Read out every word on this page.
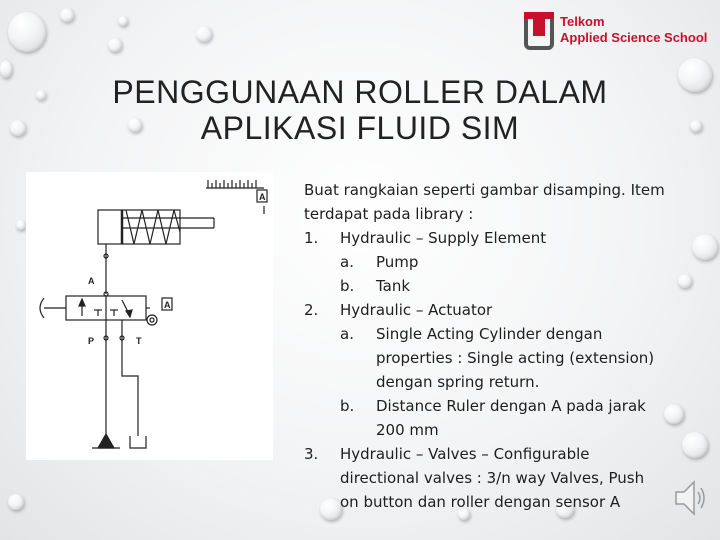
Telkom
Applied Science School
PENGGUNAAN ROLLER DALAM
APLIKASI FLUID SIM
A
A
A
P	T
Buat rangkaian seperti gambar disamping. Item
terdapat pada library :
1. Hydraulic – Supply Element
a. Pump
b. Tank
2. Hydraulic – Actuator
a. Single Acting Cylinder dengan
properties : Single acting (extension)
dengan spring return.
b. Distance Ruler dengan A pada jarak
200 mm
3. Hydraulic – Valves – Configurable
directional valves : 3/n way Valves, Push
on button dan roller dengan sensor A
